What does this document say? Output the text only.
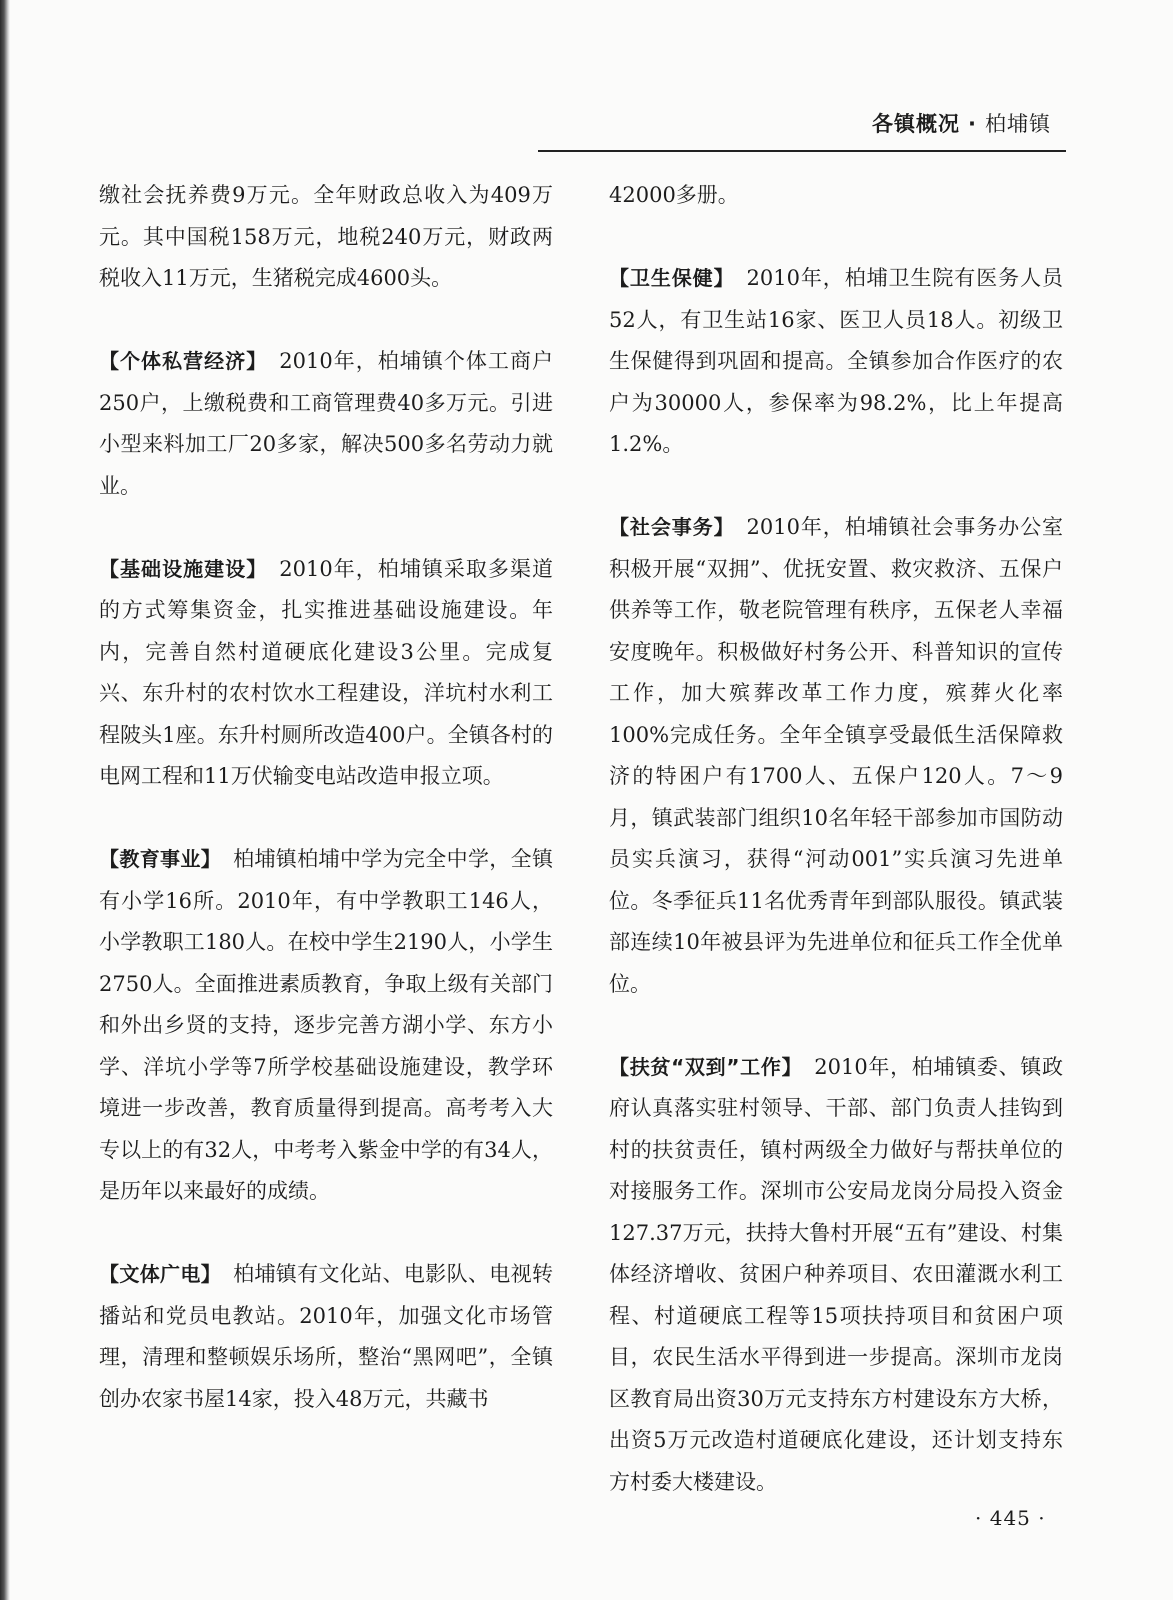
各镇概况 · 柏埔镇

缴社会抚养费9万元。全年财政总收入为409万元。其中国税158万元，地税240万元，财政两税收入11万元，生猪税完成4600头。

【个体私营经济】 2010年，柏埔镇个体工商户250户，上缴税费和工商管理费40多万元。引进小型来料加工厂20多家，解决500多名劳动力就业。

【基础设施建设】 2010年，柏埔镇采取多渠道的方式筹集资金，扎实推进基础设施建设。年内，完善自然村道硬底化建设3公里。完成复兴、东升村的农村饮水工程建设，洋坑村水利工程陂头1座。东升村厕所改造400户。全镇各村的电网工程和11万伏输变电站改造申报立项。

【教育事业】 柏埔镇柏埔中学为完全中学，全镇有小学16所。2010年，有中学教职工146人，小学教职工180人。在校中学生2190人，小学生2750人。全面推进素质教育，争取上级有关部门和外出乡贤的支持，逐步完善方湖小学、东方小学、洋坑小学等7所学校基础设施建设，教学环境进一步改善，教育质量得到提高。高考考入大专以上的有32人，中考考入紫金中学的有34人，是历年以来最好的成绩。

【文体广电】 柏埔镇有文化站、电影队、电视转播站和党员电教站。2010年，加强文化市场管理，清理和整顿娱乐场所，整治“黑网吧”，全镇创办农家书屋14家，投入48万元，共藏书

42000多册。

【卫生保健】 2010年，柏埔卫生院有医务人员52人，有卫生站16家、医卫人员18人。初级卫生保健得到巩固和提高。全镇参加合作医疗的农户为30000人，参保率为98.2%，比上年提高1.2%。

【社会事务】 2010年，柏埔镇社会事务办公室积极开展“双拥”、优抚安置、救灾救济、五保户供养等工作，敬老院管理有秩序，五保老人幸福安度晚年。积极做好村务公开、科普知识的宣传工作，加大殡葬改革工作力度，殡葬火化率100%完成任务。全年全镇享受最低生活保障救济的特困户有1700人、五保户120人。7～9月，镇武装部门组织10名年轻干部参加市国防动员实兵演习，获得“河动001”实兵演习先进单位。冬季征兵11名优秀青年到部队服役。镇武装部连续10年被县评为先进单位和征兵工作全优单位。

【扶贫“双到”工作】 2010年，柏埔镇委、镇政府认真落实驻村领导、干部、部门负责人挂钩到村的扶贫责任，镇村两级全力做好与帮扶单位的对接服务工作。深圳市公安局龙岗分局投入资金127.37万元，扶持大鲁村开展“五有”建设、村集体经济增收、贫困户种养项目、农田灌溉水利工程、村道硬底工程等15项扶持项目和贫困户项目，农民生活水平得到进一步提高。深圳市龙岗区教育局出资30万元支持东方村建设东方大桥，出资5万元改造村道硬底化建设，还计划支持东方村委大楼建设。

· 445 ·
